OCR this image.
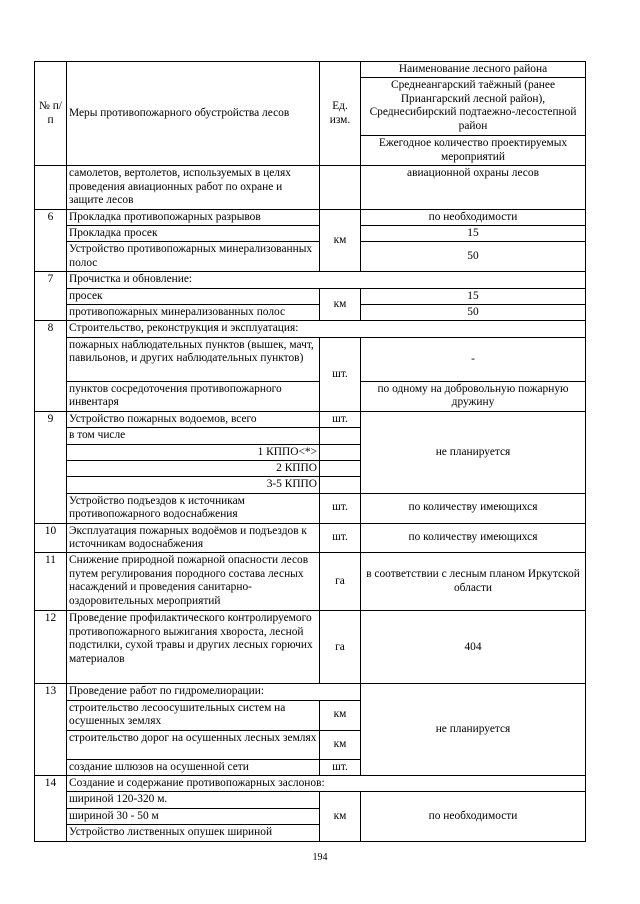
№ п/п	Меры противопожарного обустройства лесов	Ед. изм.	Наименование лесного района
			Среднеангарский таёжный (ранее Приангарский лесной район), Среднесибирский подтаежно-лесостепной район
			Ежегодное количество проектируемых мероприятий
	самолетов, вертолетов, используемых в целях проведения авиационных работ по охране и защите лесов		авиационной охраны лесов
6	Прокладка противопожарных разрывов	км	по необходимости
	Прокладка просек		15
	Устройство противопожарных минерализованных полос		50
7	Прочистка и обновление:		
	просек	км	15
	противопожарных минерализованных полос		50
8	Строительство, реконструкция и эксплуатация:		
	пожарных наблюдательных пунктов (вышек, мачт, павильонов, и других наблюдательных пунктов)	шт.	-
	пунктов сосредоточения противопожарного инвентаря		по одному на добровольную пожарную дружину
9	Устройство пожарных водоемов, всего	шт.	не планируется
	в том числе		
	1 КППО<*>		
	2 КППО		
	3-5 КППО		
	Устройство подъездов к источникам противопожарного водоснабжения	шт.	по количеству имеющихся
10	Эксплуатация пожарных водоёмов и подъездов к источникам водоснабжения	шт.	по количеству имеющихся
11	Снижение природной пожарной опасности лесов путем регулирования породного состава лесных насаждений и проведения санитарно-оздоровительных мероприятий	га	в соответствии с лесным планом Иркутской области
12	Проведение профилактического контролируемого противопожарного выжигания хвороста, лесной подстилки, сухой травы и других лесных горючих материалов	га	404
13	Проведение работ по гидромелиорации:		не планируется
	строительство лесоосушительных систем на осушенных землях	км	
	строительство дорог на осушенных лесных землях	км	
	создание шлюзов на осушенной сети	шт.	
14	Создание и содержание противопожарных заслонов:		
	шириной 120-320 м.	км	по необходимости
	шириной 30 - 50 м		
	Устройство лиственных опушек шириной		
194
